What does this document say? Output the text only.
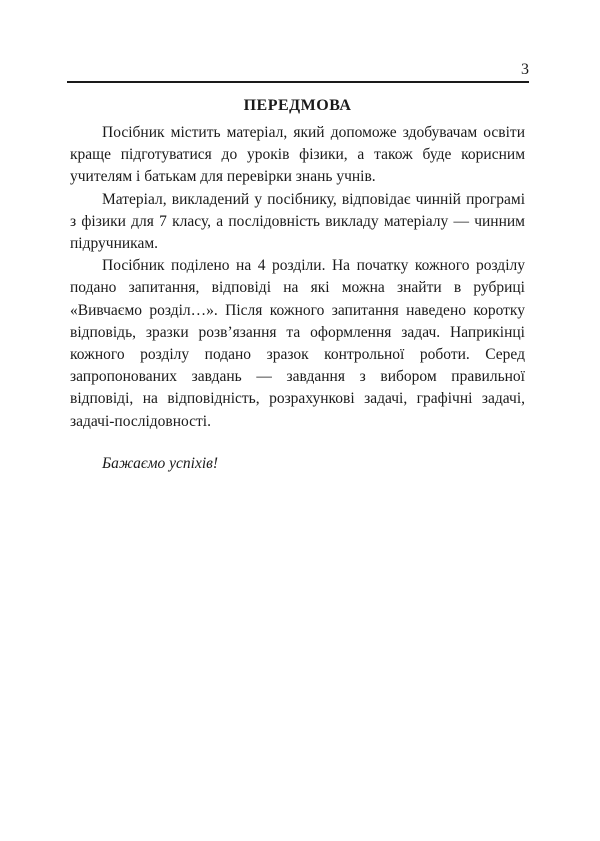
3
ПЕРЕДМОВА

Посібник містить матеріал, який допоможе здобувачам освіти краще підготуватися до уроків фізики, а також буде корисним учителям і батькам для перевірки знань учнів.

Матеріал, викладений у посібнику, відповідає чинній програмі з фізики для 7 класу, а послідовність викладу матеріалу — чинним підручникам.

Посібник поділено на 4 розділи. На початку кожного розділу подано запитання, відповіді на які можна знайти в рубриці «Вивчаємо розділ…». Після кожного запитання наведено коротку відповідь, зразки розв’язання та оформлення задач. Наприкінці кожного розділу подано зразок контрольної роботи. Серед запропонованих завдань — завдання з вибором правильної відповіді, на відповідність, розрахункові задачі, графічні задачі, задачі-послідовності.

Бажаємо успіхів!
